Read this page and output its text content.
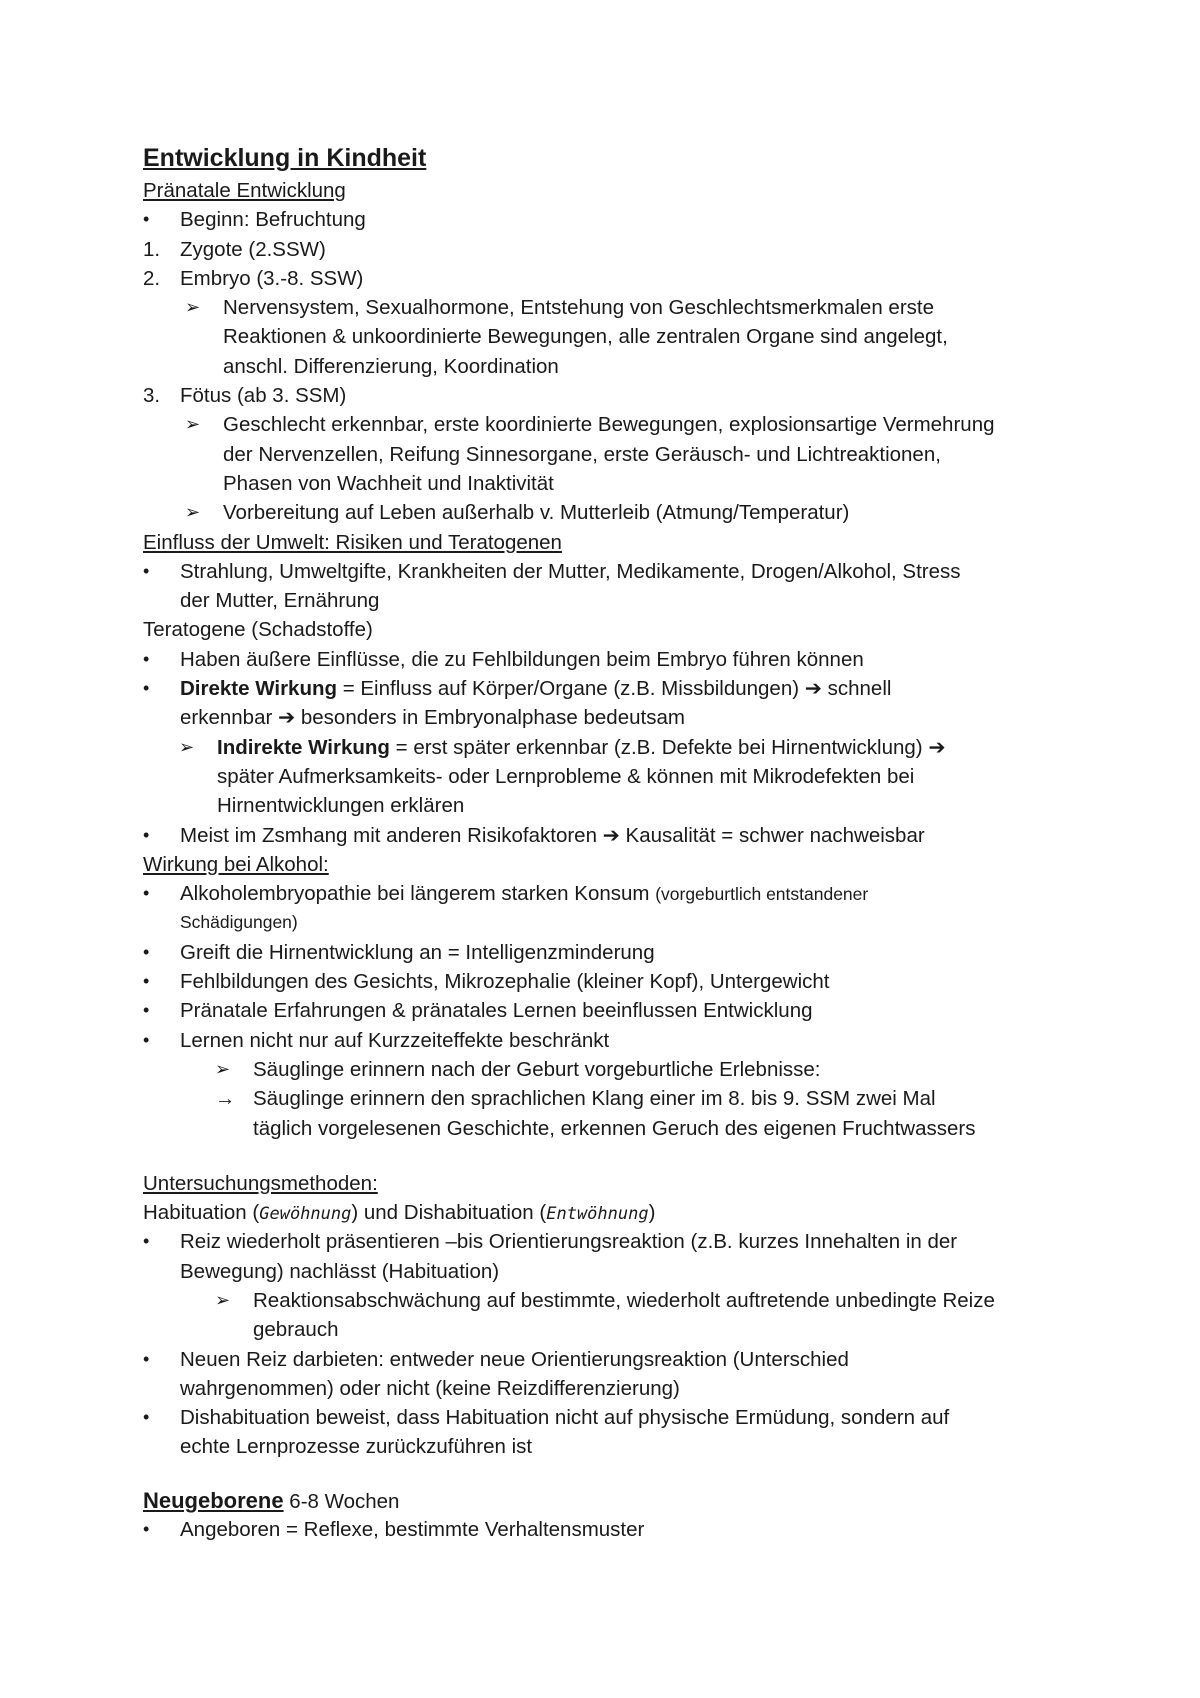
Entwicklung in Kindheit
Pränatale Entwicklung
• Beginn: Befruchtung
1. Zygote (2.SSW)
2. Embryo (3.-8. SSW)
➢ Nervensystem, Sexualhormone, Entstehung von Geschlechtsmerkmalen erste
Reaktionen & unkoordinierte Bewegungen, alle zentralen Organe sind angelegt,
anschl. Differenzierung, Koordination
3. Fötus (ab 3. SSM)
➢ Geschlecht erkennbar, erste koordinierte Bewegungen, explosionsartige Vermehrung
der Nervenzellen, Reifung Sinnesorgane, erste Geräusch- und Lichtreaktionen,
Phasen von Wachheit und Inaktivität
➢ Vorbereitung auf Leben außerhalb v. Mutterleib (Atmung/Temperatur)
Einfluss der Umwelt: Risiken und Teratogenen
• Strahlung, Umweltgifte, Krankheiten der Mutter, Medikamente, Drogen/Alkohol, Stress
der Mutter, Ernährung
Teratogene (Schadstoffe)
• Haben äußere Einflüsse, die zu Fehlbildungen beim Embryo führen können
• Direkte Wirkung = Einfluss auf Körper/Organe (z.B. Missbildungen) ➔ schnell
erkennbar ➔ besonders in Embryonalphase bedeutsam
➢ Indirekte Wirkung = erst später erkennbar (z.B. Defekte bei Hirnentwicklung) ➔
später Aufmerksamkeits- oder Lernprobleme & können mit Mikrodefekten bei
Hirnentwicklungen erklären
• Meist im Zsmhang mit anderen Risikofaktoren ➔ Kausalität = schwer nachweisbar
Wirkung bei Alkohol:
• Alkoholembryopathie bei längerem starken Konsum (vorgeburtlich entstandener
Schädigungen)
• Greift die Hirnentwicklung an = Intelligenzminderung
• Fehlbildungen des Gesichts, Mikrozephalie (kleiner Kopf), Untergewicht
• Pränatale Erfahrungen & pränatales Lernen beeinflussen Entwicklung
• Lernen nicht nur auf Kurzzeiteffekte beschränkt
➢ Säuglinge erinnern nach der Geburt vorgeburtliche Erlebnisse:
→ Säuglinge erinnern den sprachlichen Klang einer im 8. bis 9. SSM zwei Mal
täglich vorgelesenen Geschichte, erkennen Geruch des eigenen Fruchtwassers
Untersuchungsmethoden:
Habituation (Gewöhnung) und Dishabituation (Entwöhnung)
• Reiz wiederholt präsentieren –bis Orientierungsreaktion (z.B. kurzes Innehalten in der
Bewegung) nachlässt (Habituation)
➢ Reaktionsabschwächung auf bestimmte, wiederholt auftretende unbedingte Reize
gebrauch
• Neuen Reiz darbieten: entweder neue Orientierungsreaktion (Unterschied
wahrgenommen) oder nicht (keine Reizdifferenzierung)
• Dishabituation beweist, dass Habituation nicht auf physische Ermüdung, sondern auf
echte Lernprozesse zurückzuführen ist
Neugeborene 6-8 Wochen
• Angeboren = Reflexe, bestimmte Verhaltensmuster
